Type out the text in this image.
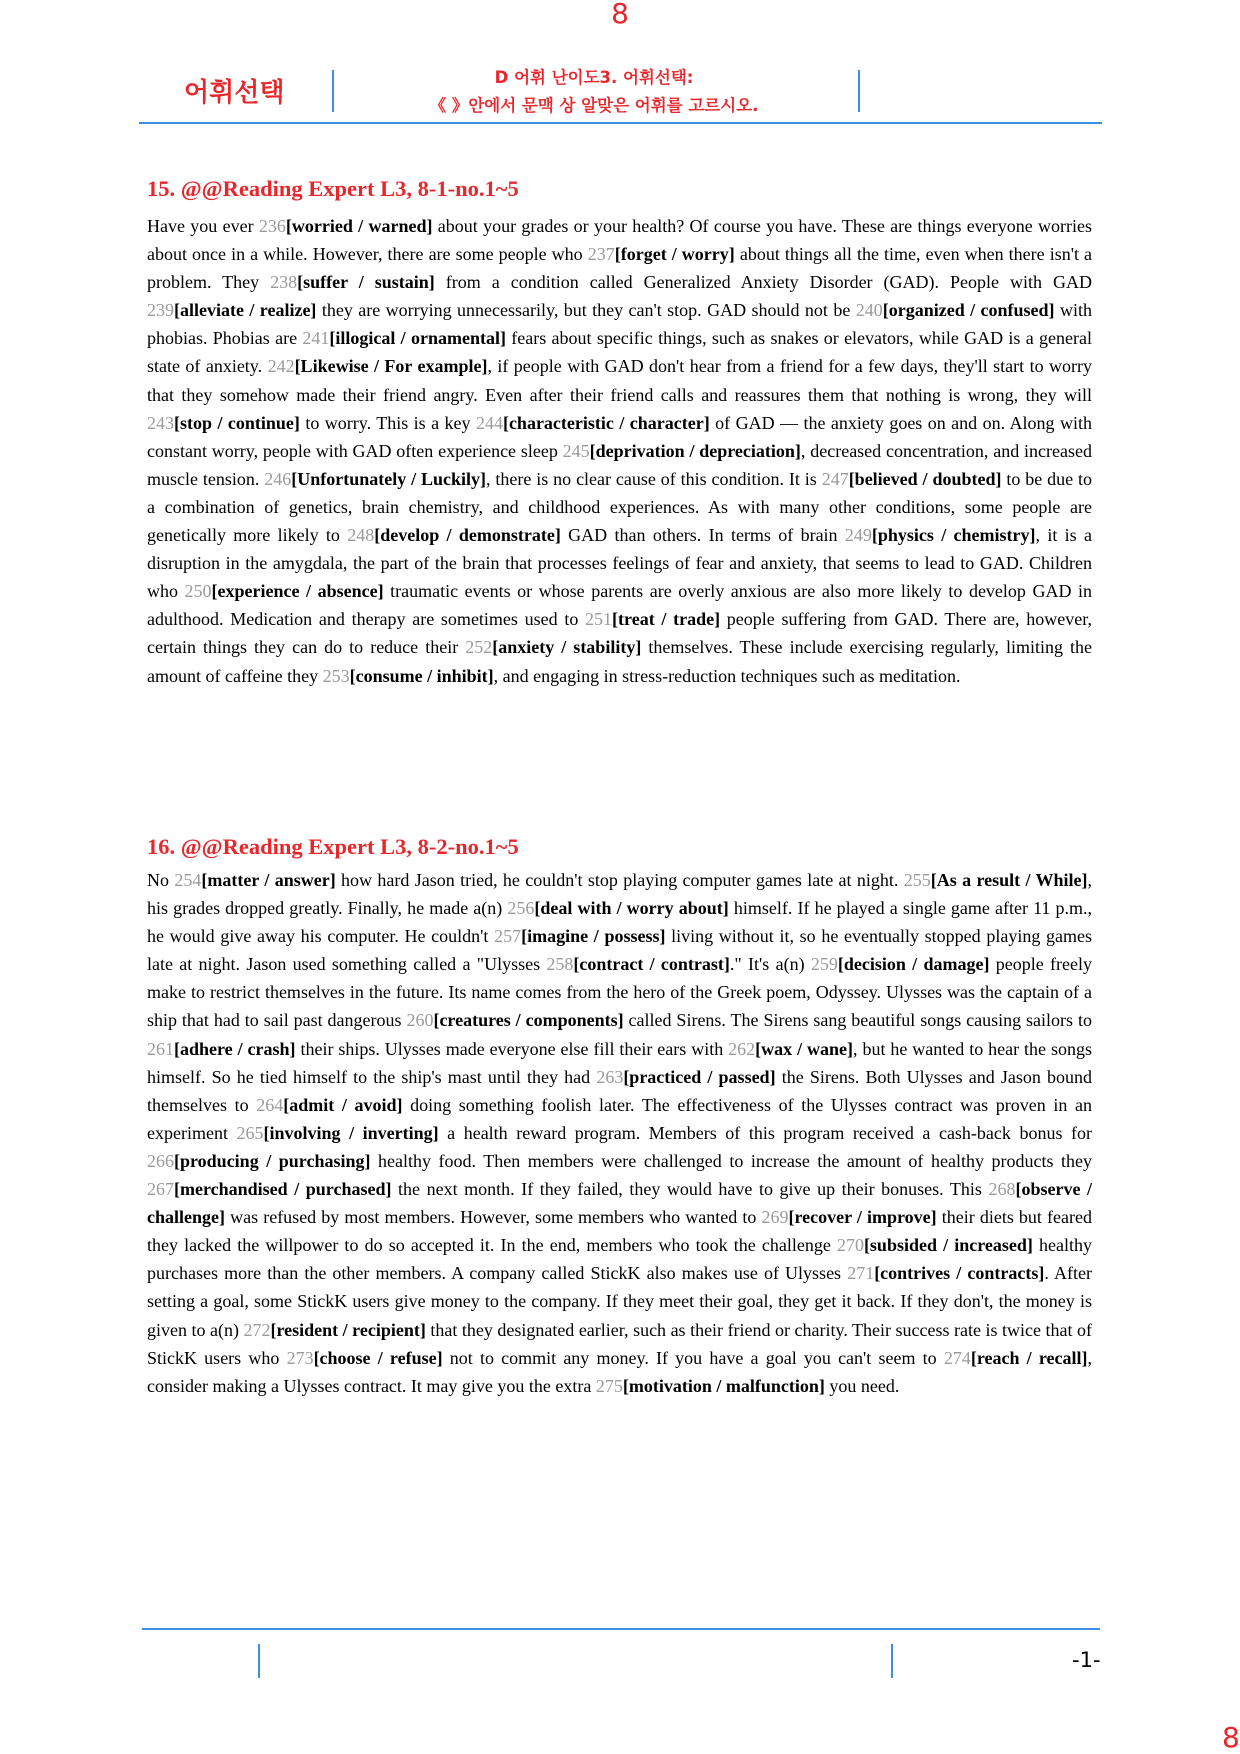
8
어휘선택
D 어휘 난이도3. 어휘선택:
《 》안에서 문맥 상 알맞은 어휘를 고르시오.
15. @@Reading Expert L3, 8-1-no.1~5
Have you ever 236[worried / warned] about your grades or your health? Of course you have. These are things everyone worries about once in a while. However, there are some people who 237[forget / worry] about things all the time, even when there isn't a problem. They 238[suffer / sustain] from a condition called Generalized Anxiety Disorder (GAD). People with GAD 239[alleviate / realize] they are worrying unnecessarily, but they can't stop. GAD should not be 240[organized / confused] with phobias. Phobias are 241[illogical / ornamental] fears about specific things, such as snakes or elevators, while GAD is a general state of anxiety. 242[Likewise / For example], if people with GAD don't hear from a friend for a few days, they'll start to worry that they somehow made their friend angry. Even after their friend calls and reassures them that nothing is wrong, they will 243[stop / continue] to worry. This is a key 244[characteristic / character] of GAD — the anxiety goes on and on. Along with constant worry, people with GAD often experience sleep 245[deprivation / depreciation], decreased concentration, and increased muscle tension. 246[Unfortunately / Luckily], there is no clear cause of this condition. It is 247[believed / doubted] to be due to a combination of genetics, brain chemistry, and childhood experiences. As with many other conditions, some people are genetically more likely to 248[develop / demonstrate] GAD than others. In terms of brain 249[physics / chemistry], it is a disruption in the amygdala, the part of the brain that processes feelings of fear and anxiety, that seems to lead to GAD. Children who 250[experience / absence] traumatic events or whose parents are overly anxious are also more likely to develop GAD in adulthood. Medication and therapy are sometimes used to 251[treat / trade] people suffering from GAD. There are, however, certain things they can do to reduce their 252[anxiety / stability] themselves. These include exercising regularly, limiting the amount of caffeine they 253[consume / inhibit], and engaging in stress-reduction techniques such as meditation.
16. @@Reading Expert L3, 8-2-no.1~5
No 254[matter / answer] how hard Jason tried, he couldn't stop playing computer games late at night. 255[As a result / While], his grades dropped greatly. Finally, he made a(n) 256[deal with / worry about] himself. If he played a single game after 11 p.m., he would give away his computer. He couldn't 257[imagine / possess] living without it, so he eventually stopped playing games late at night. Jason used something called a "Ulysses 258[contract / contrast]." It's a(n) 259[decision / damage] people freely make to restrict themselves in the future. Its name comes from the hero of the Greek poem, Odyssey. Ulysses was the captain of a ship that had to sail past dangerous 260[creatures / components] called Sirens. The Sirens sang beautiful songs causing sailors to 261[adhere / crash] their ships. Ulysses made everyone else fill their ears with 262[wax / wane], but he wanted to hear the songs himself. So he tied himself to the ship's mast until they had 263[practiced / passed] the Sirens. Both Ulysses and Jason bound themselves to 264[admit / avoid] doing something foolish later. The effectiveness of the Ulysses contract was proven in an experiment 265[involving / inverting] a health reward program. Members of this program received a cash-back bonus for 266[producing / purchasing] healthy food. Then members were challenged to increase the amount of healthy products they 267[merchandised / purchased] the next month. If they failed, they would have to give up their bonuses. This 268[observe / challenge] was refused by most members. However, some members who wanted to 269[recover / improve] their diets but feared they lacked the willpower to do so accepted it. In the end, members who took the challenge 270[subsided / increased] healthy purchases more than the other members. A company called StickK also makes use of Ulysses 271[contrives / contracts]. After setting a goal, some StickK users give money to the company. If they meet their goal, they get it back. If they don't, the money is given to a(n) 272[resident / recipient] that they designated earlier, such as their friend or charity. Their success rate is twice that of StickK users who 273[choose / refuse] not to commit any money. If you have a goal you can't seem to 274[reach / recall], consider making a Ulysses contract. It may give you the extra 275[motivation / malfunction] you need.
-1-
8
